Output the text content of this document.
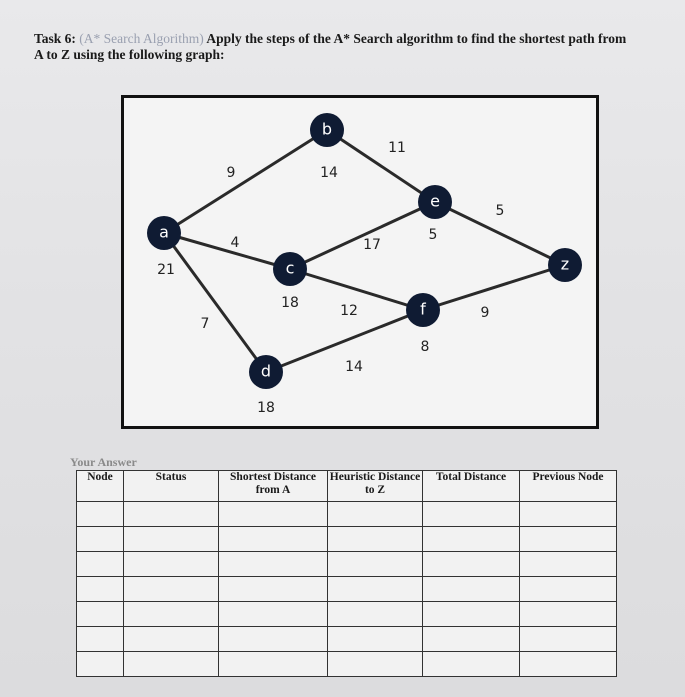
Task 6: (A* Search Algorithm) Apply the steps of the A* Search algorithm to find the shortest path from
A to Z using the following graph:
9
4
7
11
17
12
14
5
9
a
21
b
14
c
18
d
18
e
5
f
8
z
Your Answer
Node	Status	Shortest Distance from A	Heuristic Distance to Z	Total Distance	Previous Node
